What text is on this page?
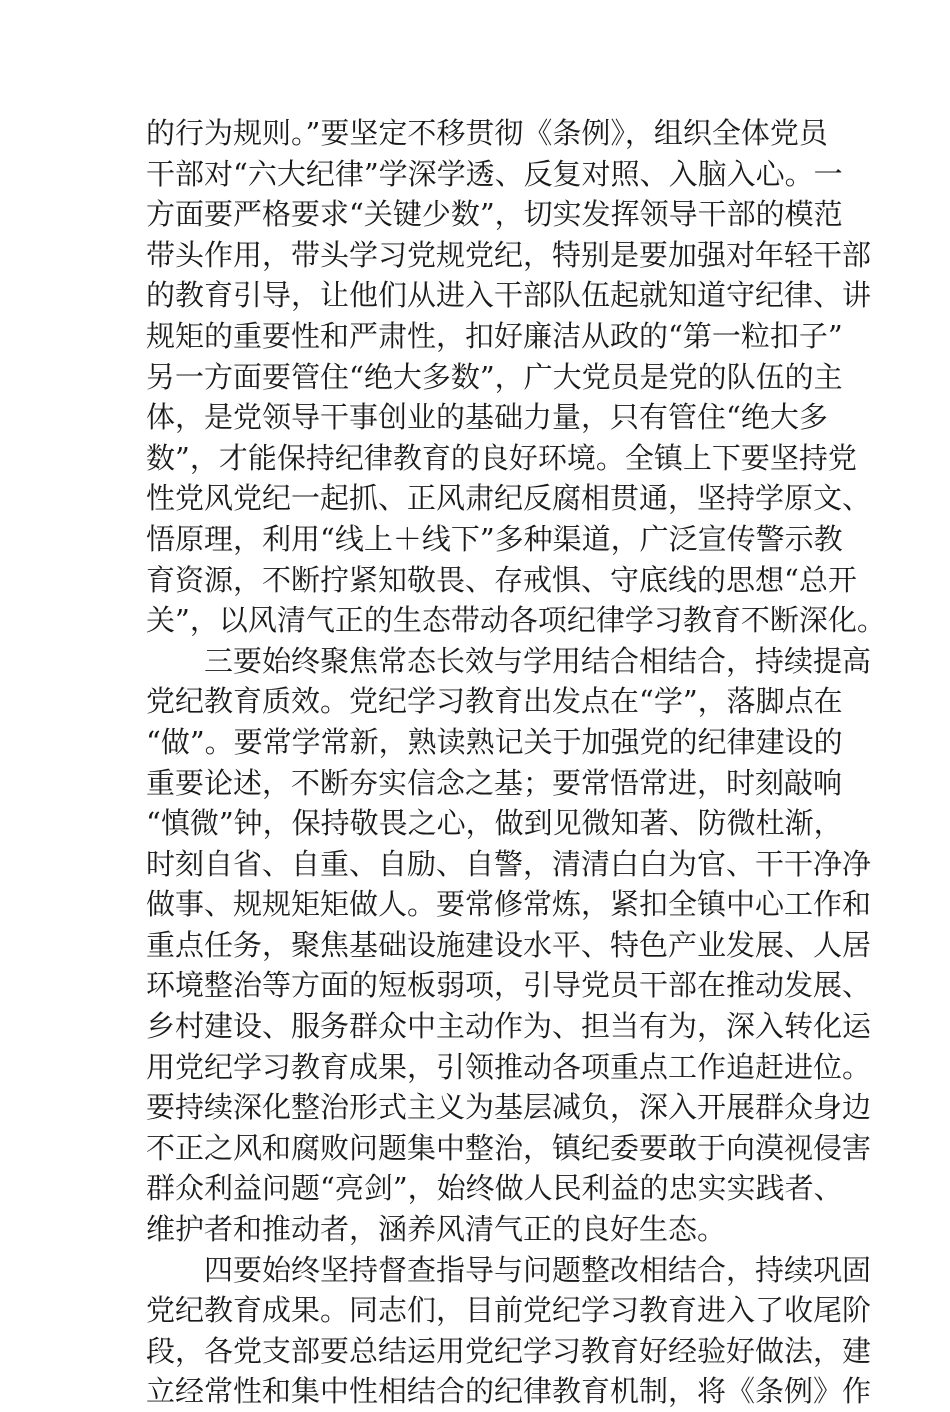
的行为规则。”要坚定不移贯彻《条例》，组织全体党员
干部对“六大纪律”学深学透、反复对照、入脑入心。一
方面要严格要求“关键少数”，切实发挥领导干部的模范
带头作用，带头学习党规党纪，特别是要加强对年轻干部
的教育引导，让他们从进入干部队伍起就知道守纪律、讲
规矩的重要性和严肃性，扣好廉洁从政的“第一粒扣子”
另一方面要管住“绝大多数”，广大党员是党的队伍的主
体，是党领导干事创业的基础力量，只有管住“绝大多
数”，才能保持纪律教育的良好环境。全镇上下要坚持党
性党风党纪一起抓、正风肃纪反腐相贯通，坚持学原文、
悟原理，利用“线上＋线下”多种渠道，广泛宣传警示教
育资源，不断拧紧知敬畏、存戒惧、守底线的思想“总开
关”，以风清气正的生态带动各项纪律学习教育不断深化。
三要始终聚焦常态长效与学用结合相结合，持续提高
党纪教育质效。党纪学习教育出发点在“学”，落脚点在
“做”。要常学常新，熟读熟记关于加强党的纪律建设的
重要论述，不断夯实信念之基；要常悟常进，时刻敲响
“慎微”钟，保持敬畏之心，做到见微知著、防微杜渐，
时刻自省、自重、自励、自警，清清白白为官、干干净净
做事、规规矩矩做人。要常修常炼，紧扣全镇中心工作和
重点任务，聚焦基础设施建设水平、特色产业发展、人居
环境整治等方面的短板弱项，引导党员干部在推动发展、
乡村建设、服务群众中主动作为、担当有为，深入转化运
用党纪学习教育成果，引领推动各项重点工作追赶进位。
要持续深化整治形式主义为基层减负，深入开展群众身边
不正之风和腐败问题集中整治，镇纪委要敢于向漠视侵害
群众利益问题“亮剑”，始终做人民利益的忠实实践者、
维护者和推动者，涵养风清气正的良好生态。
四要始终坚持督查指导与问题整改相结合，持续巩固
党纪教育成果。同志们，目前党纪学习教育进入了收尾阶
段，各党支部要总结运用党纪学习教育好经验好做法，建
立经常性和集中性相结合的纪律教育机制，将《条例》作
